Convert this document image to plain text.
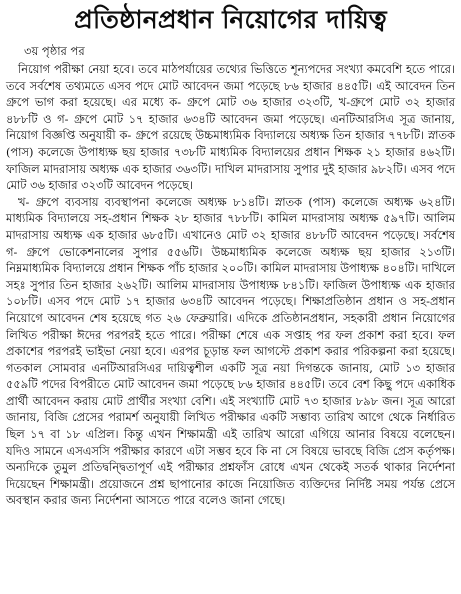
প্রতিষ্ঠানপ্রধান নিয়োগের দায়িত্ব
৩য় পৃষ্ঠার পর

নিয়োগ পরীক্ষা নেয়া হবে। তবে মাঠপর্যায়ের তথ্যের ভিত্তিতে শূন্যপদের সংখ্যা কমবেশি হতে পারে। তবে সর্বশেষ তথ্যমতে এসব পদে মোট আবেদন জমা পড়েছে ৮৬ হাজার ৪৪৫টি। এই আবেদন তিন গ্রুপে ভাগ করা হয়েছে। এর মধ্যে ক- গ্রুপে মোট ৩৬ হাজার ৩২৩টি, খ-গ্রুপে মোট ৩২ হাজার ৪৮৮টি ও গ- গ্রুপে মোট ১৭ হাজার ৬৩৪টি আবেদন জমা পড়েছে। এনটিআরসিএ সূত্র জানায়, নিয়োগ বিজ্ঞপ্তি অনুযায়ী ক- গ্রুপে রয়েছে উচ্চমাধ্যমিক বিদ্যালয়ে অধ্যক্ষ তিন হাজার ৭৭৮টি। স্নাতক (পাস) কলেজে উপাধ্যক্ষ ছয় হাজার ৭৩৮টি মাধ্যমিক বিদ্যালয়ের প্রধান শিক্ষক ২১ হাজার ৪৬২টি। ফাজিল মাদরাসায় অধ্যক্ষ এক হাজার ৩৬৩টি। দাখিল মাদরাসায় সুপার দুই হাজার ৯৮২টি। এসব পদে মোট ৩৬ হাজার ৩২৩টি আবেদন পড়েছে।

খ- গ্রুপে ব্যবসায় ব্যবস্থাপনা কলেজে অধ্যক্ষ ৮১৪টি। স্নাতক (পাস) কলেজে অধ্যক্ষ ৬২৪টি। মাধ্যমিক বিদ্যালয়ে সহ-প্রধান শিক্ষক ২৮ হাজার ৭৮৮টি। কামিল মাদরাসায় অধ্যক্ষ ৫৯৭টি। আলিম মাদরাসায় অধ্যক্ষ এক হাজার ৬৮৫টি। এখানেও মোট ৩২ হাজার ৪৮৮টি আবেদন পড়েছে। সর্বশেষ গ- গ্রুপে ভোকেশনালের সুপার ৫৫৬টি। উচ্চমাধ্যমিক কলেজে অধ্যক্ষ ছয় হাজার ২১৩টি। নিম্নমাধ্যমিক বিদ্যালয়ে প্রধান শিক্ষক পাঁচ হাজার ২০০টি। কামিল মাদরাসায় উপাধ্যক্ষ ৪০৪টি। দাখিলে সহঃ সুপার তিন হাজার ২৬২টি। আলিম মাদরাসায় উপাধ্যক্ষ ৮৪১টি। ফাজিল উপাধ্যক্ষ এক হাজার ১০৮টি। এসব পদে মোট ১৭ হাজার ৬৩৪টি আবেদন পড়েছে। শিক্ষাপ্রতিষ্ঠান প্রধান ও সহ-প্রধান নিয়োগে আবেদন শেষ হয়েছে গত ২৬ ফেব্রুয়ারি। এদিকে প্রতিষ্ঠানপ্রধান, সহকারী প্রধান নিয়োগের লিখিত পরীক্ষা ঈদের পরপরই হতে পারে। পরীক্ষা শেষে এক সপ্তাহ পর ফল প্রকাশ করা হবে। ফল প্রকাশের পরপরই ভাইভা নেয়া হবে। এরপর চূড়ান্ত ফল আগস্টে প্রকাশ করার পরিকল্পনা করা হয়েছে। গতকাল সোমবার এনটিআরসিএর দায়িত্বশীল একটি সূত্র নয়া দিগন্তকে জানায়, মোট ১৩ হাজার ৫৫৯টি পদের বিপরীতে মোট আবেদন জমা পড়েছে ৮৬ হাজার ৪৪৫টি। তবে বেশ কিছু পদে একাধিক প্রার্থী আবেদন করায় মোট প্রার্থীর সংখ্যা বেশি। এই সংখ্যাটি মোট ৭৩ হাজার ৮৯৮ জন। সূত্র আরো জানায়, বিজি প্রেসের পরামর্শ অনুযায়ী লিখিত পরীক্ষার একটি সম্ভাব্য তারিখ আগে থেকে নির্ধারিত ছিল ১৭ বা ১৮ এপ্রিল। কিন্তু এখন শিক্ষামন্ত্রী এই তারিখ আরো এগিয়ে আনার বিষয়ে বলেছেন। যদিও সামনে এসএসসি পরীক্ষার কারণে এটা সম্ভব হবে কি না সে বিষয়ে ভাবছে বিজি প্রেস কর্তৃপক্ষ। অন্যদিকে তুমুল প্রতিদ্বন্দ্বিতাপূর্ণ এই পরীক্ষার প্রশ্নফাঁস রোধে এখন থেকেই সতর্ক থাকার নির্দেশনা দিয়েছেন শিক্ষামন্ত্রী। প্রয়োজনে প্রশ্ন ছাপানোর কাজে নিয়োজিত ব্যক্তিদের নির্দিষ্ট সময় পর্যন্ত প্রেসে অবস্থান করার জন্য নির্দেশনা আসতে পারে বলেও জানা গেছে।
